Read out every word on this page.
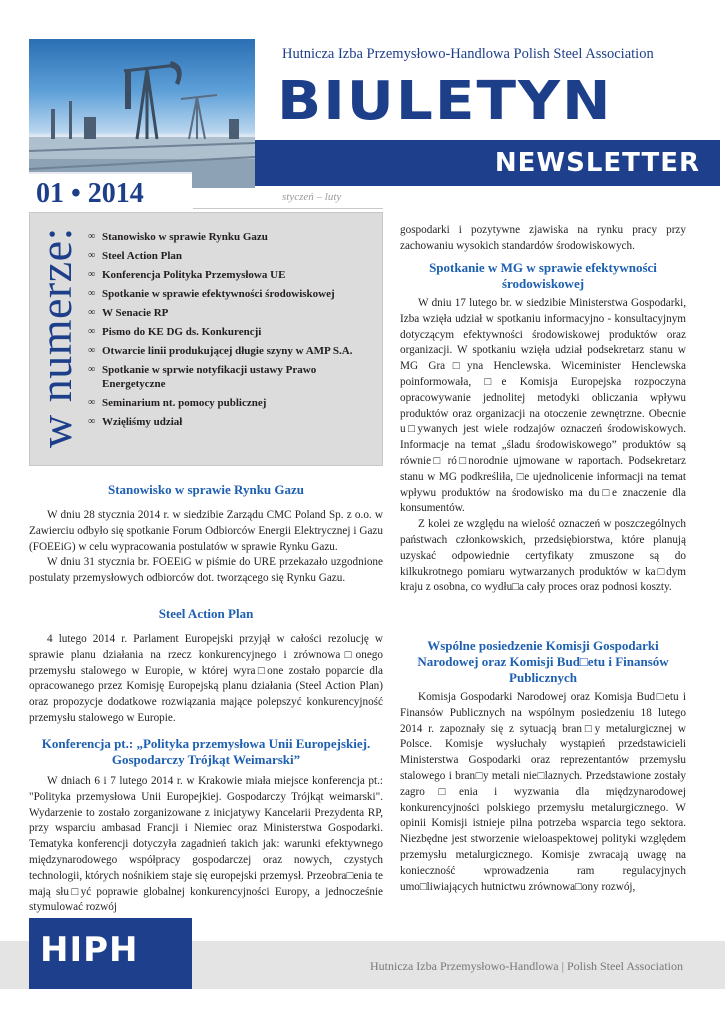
Hutnicza Izba Przemysłowo-Handlowa Polish Steel Association
BIULETYN
NEWSLETTER
01 • 2014	styczeń – luty
w numerze: ∞ Stanowisko w sprawie Rynku Gazu
∞ Steel Action Plan
∞ Konferencja Polityka Przemysłowa UE
∞ Spotkanie w sprawie efektywności środowiskowej
∞ W Senacie RP
∞ Pismo do KE DG ds. Konkurencji
∞ Otwarcie linii produkującej długie szyny w AMP S.A.
∞ Spotkanie w sprwie notyfikacji ustawy Prawo Energetyczne
∞ Seminarium nt. pomocy publicznej
∞ Wzięliśmy udział
Stanowisko w sprawie Rynku Gazu

W dniu 28 stycznia 2014 r. w siedzibie Zarządu CMC Poland Sp. z o.o. w Zawierciu odbyło się spotkanie Forum Odbiorców Energii Elektrycznej i Gazu (FOEEiG) w celu wypracowania postulatów w sprawie Rynku Gazu.

W dniu 31 stycznia br. FOEEiG w piśmie do URE przekazało uzgodnione postulaty przemysłowych odbiorców dot. tworzącego się Rynku Gazu.

Steel Action Plan

4 lutego 2014 r. Parlament Europejski przyjął w całości rezolucję w sprawie planu działania na rzecz konkurencyjnego i zrównowa□onego przemysłu stalowego w Europie, w której wyra□one zostało poparcie dla opracowanego przez Komisję Europejską planu działania (Steel Action Plan) oraz propozycje dodatkowe rozwiązania mające polepszyć konkurencyjność przemysłu stalowego w Europie.

Konferencja pt.: „Polityka przemysłowa Unii Europejskiej. Gospodarczy Trójkąt Weimarski”

W dniach 6 i 7 lutego 2014 r. w Krakowie miała miejsce konferencja pt.: "Polityka przemysłowa Unii Europejkiej. Gospodarczy Trójkąt weimarski". Wydarzenie to zostało zorganizowane z inicjatywy Kancelarii Prezydenta RP, przy wsparciu ambasad Francji i Niemiec oraz Ministerstwa Gospodarki. Tematyka konferencji dotyczyła zagadnień takich jak: warunki efektywnego międzynarodowego współpracy gospodarczej oraz nowych, czystych technologii, których nośnikiem staje się europejski przemysł. Przeobra□enia te mają słu□yć poprawie globalnej konkurencyjności Europy, a jednocześnie stymulować rozwój

gospodarki i pozytywne zjawiska na rynku pracy przy zachowaniu wysokich standardów środowiskowych.

Spotkanie w MG w sprawie efektywności środowiskowej

W dniu 17 lutego br. w siedzibie Ministerstwa Gospodarki, Izba wzięła udział w spotkaniu informacyjno - konsultacyjnym dotyczącym efektywności środowiskowej produktów oraz organizacji. W spotkaniu wzięła udział podsekretarz stanu w MG Gra□yna Henclewska. Wiceminister Henclewska poinformowała, □e Komisja Europejska rozpoczyna opracowywanie jednolitej metodyki obliczania wpływu produktów oraz organizacji na otoczenie zewnętrzne. Obecnie u□ywanych jest wiele rodzajów oznaczeń środowiskowych. Informacje na temat „śladu środowiskowego” produktów są równie□ ró□norodnie ujmowane w raportach. Podsekretarz stanu w MG podkreśliła, □e ujednolicenie informacji na temat wpływu produktów na środowisko ma du□e znaczenie dla konsumentów.

Z kolei ze względu na wielość oznaczeń w poszczególnych państwach członkowskich, przedsiębiorstwa, które planują uzyskać odpowiednie certyfikaty zmuszone są do kilkukrotnego pomiaru wytwarzanych produktów w ka□dym kraju z osobna, co wydłu□a cały proces oraz podnosi koszty.

Wspólne posiedzenie Komisji Gospodarki Narodowej oraz Komisji Bud□etu i Finansów Publicznych

Komisja Gospodarki Narodowej oraz Komisja Bud□etu i Finansów Publicznych na wspólnym posiedzeniu 18 lutego 2014 r. zapoznały się z sytuacją bran□y metalurgicznej w Polsce. Komisje wysłuchały wystąpień przedstawicieli Ministerstwa Gospodarki oraz reprezentantów przemysłu stalowego i bran□y metali nie□laznych. Przedstawione zostały zagro□enia i wyzwania dla międzynarodowej konkurencyjności polskiego przemysłu metalurgicznego. W opinii Komisji istnieje pilna potrzeba wsparcia tego sektora. Niezbędne jest stworzenie wieloaspektowej polityki względem przemysłu metalurgicznego. Komisje zwracają uwagę na konieczność wprowadzenia ram regulacyjnych umo□liwiających hutnictwu zrównowa□ony rozwój,

Hutnicza Izba Przemysłowo-Handlowa | Polish Steel Association
HIPH
